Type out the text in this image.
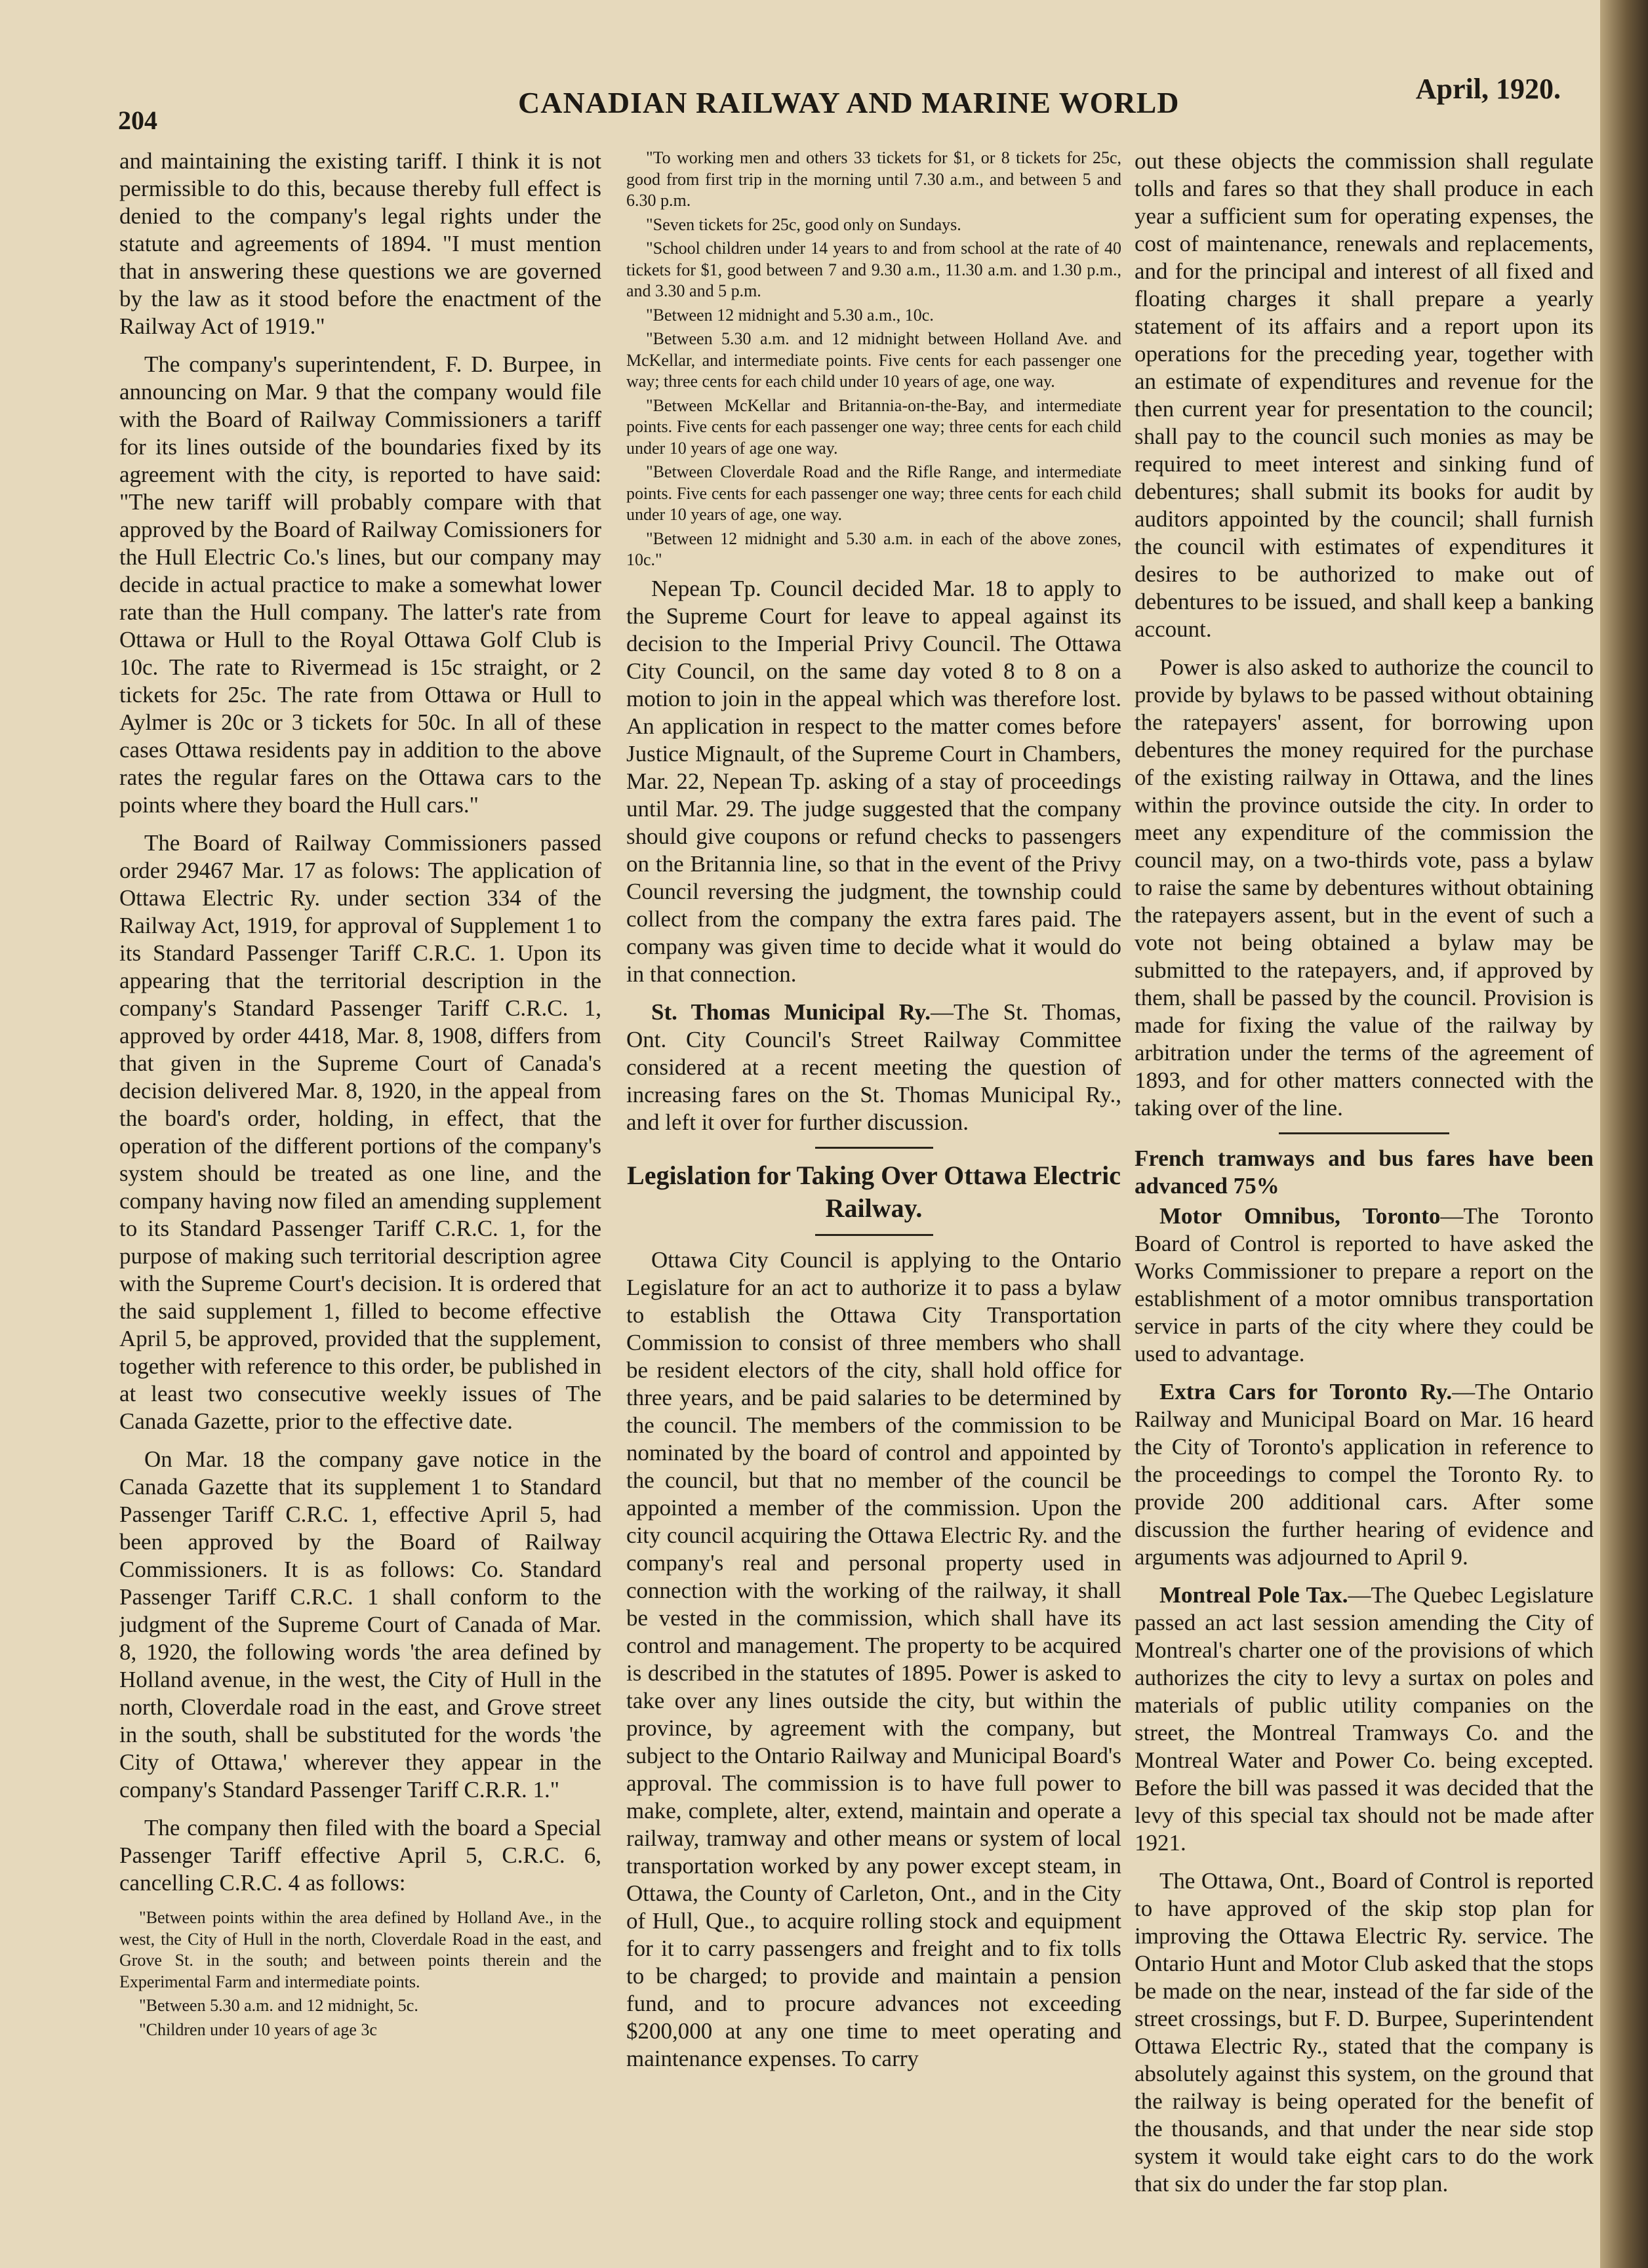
204
CANADIAN RAILWAY AND MARINE WORLD	April, 1920.

and maintaining the existing tariff. I think it is not permissible to do this, because thereby full effect is denied to the company's legal rights under the statute and agreements of 1894. "I must mention that in answering these questions we are governed by the law as it stood before the enactment of the Railway Act of 1919."

The company's superintendent, F. D. Burpee, in announcing on Mar. 9 that the company would file with the Board of Railway Commissioners a tariff for its lines outside of the boundaries fixed by its agreement with the city, is reported to have said: "The new tariff will probably compare with that approved by the Board of Railway Comissioners for the Hull Electric Co.'s lines, but our company may decide in actual practice to make a somewhat lower rate than the Hull company. The latter's rate from Ottawa or Hull to the Royal Ottawa Golf Club is 10c. The rate to Rivermead is 15c straight, or 2 tickets for 25c. The rate from Ottawa or Hull to Aylmer is 20c or 3 tickets for 50c. In all of these cases Ottawa residents pay in addition to the above rates the regular fares on the Ottawa cars to the points where they board the Hull cars."

The Board of Railway Commissioners passed order 29467 Mar. 17 as folows: The application of Ottawa Electric Ry. under section 334 of the Railway Act, 1919, for approval of Supplement 1 to its Standard Passenger Tariff C.R.C. 1. Upon its appearing that the territorial description in the company's Standard Passenger Tariff C.R.C. 1, approved by order 4418, Mar. 8, 1908, differs from that given in the Supreme Court of Canada's decision delivered Mar. 8, 1920, in the appeal from the board's order, holding, in effect, that the operation of the different portions of the company's system should be treated as one line, and the company having now filed an amending supplement to its Standard Passenger Tariff C.R.C. 1, for the purpose of making such territorial description agree with the Supreme Court's decision. It is ordered that the said supplement 1, filled to become effective April 5, be approved, provided that the supplement, together with reference to this order, be published in at least two consecutive weekly issues of The Canada Gazette, prior to the effective date.

On Mar. 18 the company gave notice in the Canada Gazette that its supplement 1 to Standard Passenger Tariff C.R.C. 1, effective April 5, had been approved by the Board of Railway Commissioners. It is as follows: Co. Standard Passenger Tariff C.R.C. 1 shall conform to the judgment of the Supreme Court of Canada of Mar. 8, 1920, the following words 'the area defined by Holland avenue, in the west, the City of Hull in the north, Cloverdale road in the east, and Grove street in the south, shall be substituted for the words 'the City of Ottawa,' wherever they appear in the company's Standard Passenger Tariff C.R.R. 1."

The company then filed with the board a Special Passenger Tariff effective April 5, C.R.C. 6, cancelling C.R.C. 4 as follows:

"Between points within the area defined by Holland Ave., in the west, the City of Hull in the north, Cloverdale Road in the east, and Grove St. in the south; and between points therein and the Experimental Farm and intermediate points.

"Between 5.30 a.m. and 12 midnight, 5c.

"Children under 10 years of age 3c

"To working men and others 33 tickets for $1, or 8 tickets for 25c, good from first trip in the morning until 7.30 a.m., and between 5 and 6.30 p.m.

"Seven tickets for 25c, good only on Sundays.

"School children under 14 years to and from school at the rate of 40 tickets for $1, good between 7 and 9.30 a.m., 11.30 a.m. and 1.30 p.m., and 3.30 and 5 p.m.

"Between 12 midnight and 5.30 a.m., 10c.

"Between 5.30 a.m. and 12 midnight between Holland Ave. and McKellar, and intermediate points. Five cents for each passenger one way; three cents for each child under 10 years of age, one way.

"Between McKellar and Britannia-on-the-Bay, and intermediate points. Five cents for each passenger one way; three cents for each child under 10 years of age one way.

"Between Cloverdale Road and the Rifle Range, and intermediate points. Five cents for each passenger one way; three cents for each child under 10 years of age, one way.

"Between 12 midnight and 5.30 a.m. in each of the above zones, 10c."

Nepean Tp. Council decided Mar. 18 to apply to the Supreme Court for leave to appeal against its decision to the Imperial Privy Council. The Ottawa City Council, on the same day voted 8 to 8 on a motion to join in the appeal which was therefore lost. An application in respect to the matter comes before Justice Mignault, of the Supreme Court in Chambers, Mar. 22, Nepean Tp. asking of a stay of proceedings until Mar. 29. The judge suggested that the company should give coupons or refund checks to passengers on the Britannia line, so that in the event of the Privy Council reversing the judgment, the township could collect from the company the extra fares paid. The company was given time to decide what it would do in that connection.

St. Thomas Municipal Ry.—The St. Thomas, Ont. City Council's Street Railway Committee considered at a recent meeting the question of increasing fares on the St. Thomas Municipal Ry., and left it over for further discussion.

Legislation for Taking Over Ottawa Electric Railway.

Ottawa City Council is applying to the Ontario Legislature for an act to authorize it to pass a bylaw to establish the Ottawa City Transportation Commission to consist of three members who shall be resident electors of the city, shall hold office for three years, and be paid salaries to be determined by the council. The members of the commission to be nominated by the board of control and appointed by the council, but that no member of the council be appointed a member of the commission. Upon the city council acquiring the Ottawa Electric Ry. and the company's real and personal property used in connection with the working of the railway, it shall be vested in the commission, which shall have its control and management. The property to be acquired is described in the statutes of 1895. Power is asked to take over any lines outside the city, but within the province, by agreement with the company, but subject to the Ontario Railway and Municipal Board's approval. The commission is to have full power to make, complete, alter, extend, maintain and operate a railway, tramway and other means or system of local transportation worked by any power except steam, in Ottawa, the County of Carleton, Ont., and in the City of Hull, Que., to acquire rolling stock and equipment for it to carry passengers and freight and to fix tolls to be charged; to provide and maintain a pension fund, and to procure advances not exceeding $200,000 at any one time to meet operating and maintenance expenses. To carry

out these objects the commission shall regulate tolls and fares so that they shall produce in each year a sufficient sum for operating expenses, the cost of maintenance, renewals and replacements, and for the principal and interest of all fixed and floating charges it shall prepare a yearly statement of its affairs and a report upon its operations for the preceding year, together with an estimate of expenditures and revenue for the then current year for presentation to the council; shall pay to the council such monies as may be required to meet interest and sinking fund of debentures; shall submit its books for audit by auditors appointed by the council; shall furnish the council with estimates of expenditures it desires to be authorized to make out of debentures to be issued, and shall keep a banking account.

Power is also asked to authorize the council to provide by bylaws to be passed without obtaining the ratepayers' assent, for borrowing upon debentures the money required for the purchase of the existing railway in Ottawa, and the lines within the province outside the city. In order to meet any expenditure of the commission the council may, on a two-thirds vote, pass a bylaw to raise the same by debentures without obtaining the ratepayers assent, but in the event of such a vote not being obtained a bylaw may be submitted to the ratepayers, and, if approved by them, shall be passed by the council. Provision is made for fixing the value of the railway by arbitration under the terms of the agreement of 1893, and for other matters connected with the taking over of the line.

French tramways and bus fares have been advanced 75%

Motor Omnibus, Toronto—The Toronto Board of Control is reported to have asked the Works Commissioner to prepare a report on the establishment of a motor omnibus transportation service in parts of the city where they could be used to advantage.

Extra Cars for Toronto Ry.—The Ontario Railway and Municipal Board on Mar. 16 heard the City of Toronto's application in reference to the proceedings to compel the Toronto Ry. to provide 200 additional cars. After some discussion the further hearing of evidence and arguments was adjourned to April 9.

Montreal Pole Tax.—The Quebec Legislature passed an act last session amending the City of Montreal's charter one of the provisions of which authorizes the city to levy a surtax on poles and materials of public utility companies on the street, the Montreal Tramways Co. and the Montreal Water and Power Co. being excepted. Before the bill was passed it was decided that the levy of this special tax should not be made after 1921.

The Ottawa, Ont., Board of Control is reported to have approved of the skip stop plan for improving the Ottawa Electric Ry. service. The Ontario Hunt and Motor Club asked that the stops be made on the near, instead of the far side of the street crossings, but F. D. Burpee, Superintendent Ottawa Electric Ry., stated that the company is absolutely against this system, on the ground that the railway is being operated for the benefit of the thousands, and that under the near side stop system it would take eight cars to do the work that six do under the far stop plan.
